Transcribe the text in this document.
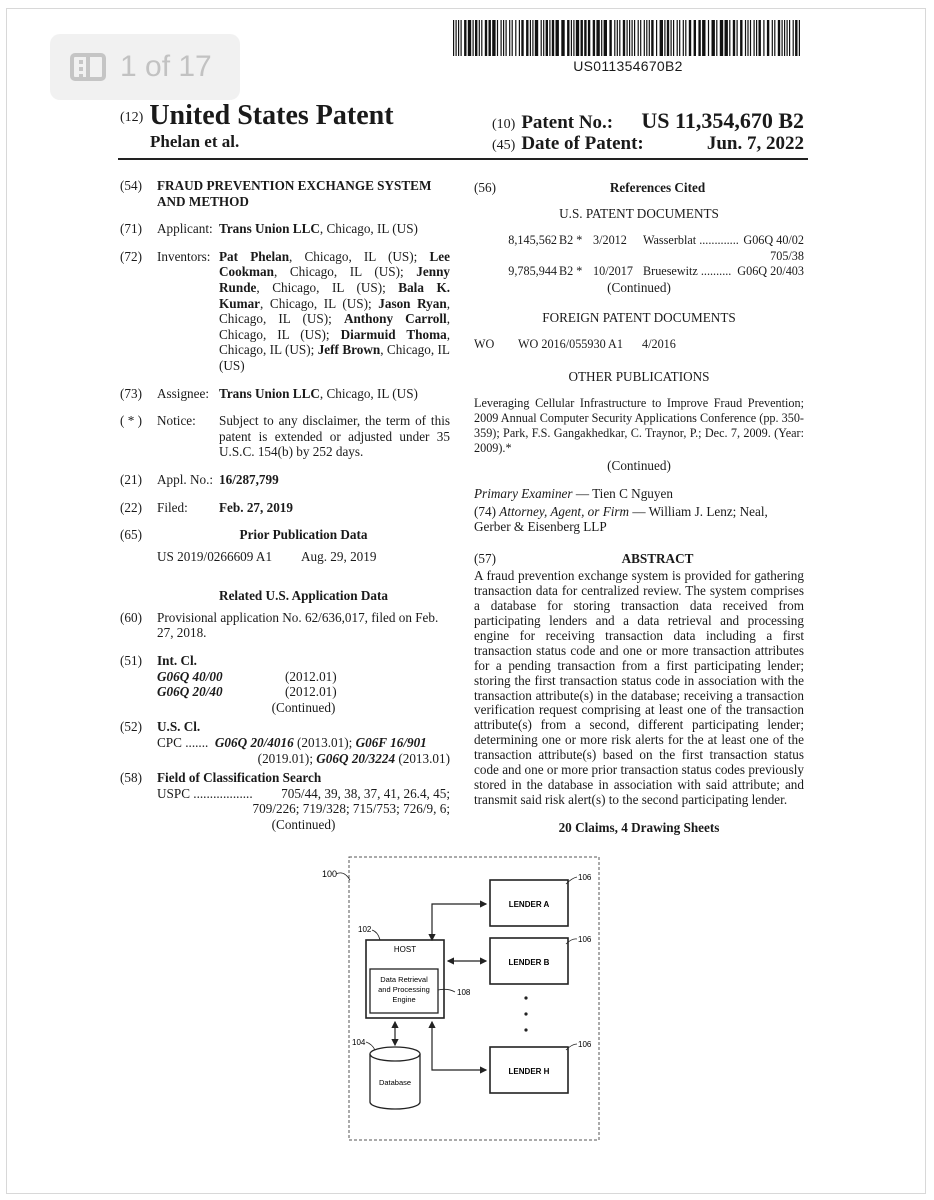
1 of 17	US011354670B2
(12) United States Patent
Phelan et al.
(10) Patent No.: US 11,354,670 B2
(45) Date of Patent:	Jun. 7, 2022
(54)	FRAUD PREVENTION EXCHANGE SYSTEM AND METHOD
(71)	Applicant: Trans Union LLC, Chicago, IL (US)
(72)	Inventors: Pat Phelan, Chicago, IL (US); Lee Cookman, Chicago, IL (US); Jenny Runde, Chicago, IL (US); Bala K. Kumar, Chicago, IL (US); Jason Ryan, Chicago, IL (US); Anthony Carroll, Chicago, IL (US); Diarmuid Thoma, Chicago, IL (US); Jeff Brown, Chicago, IL (US)
(73)	Assignee: Trans Union LLC, Chicago, IL (US)
( * )	Notice:	Subject to any disclaimer, the term of this patent is extended or adjusted under 35 U.S.C. 154(b) by 252 days.
(21)	Appl. No.: 16/287,799
(22)	Filed:	Feb. 27, 2019
(65)	Prior Publication Data
US 2019/0266609 A1	Aug. 29, 2019
Related U.S. Application Data
(60)	Provisional application No. 62/636,017, filed on Feb. 27, 2018.
(51)	Int. Cl.
G06Q 40/00	(2012.01)
G06Q 20/40	(2012.01)
(Continued)
(52)	U.S. Cl.
CPC ....... G06Q 20/4016 (2013.01); G06F 16/901
(2019.01); G06Q 20/3224 (2013.01)
(58)	Field of Classification Search
USPC .................. 705/44, 39, 38, 37, 41, 26.4, 45;
709/226; 719/328; 715/753; 726/9, 6;
(Continued)
(56)	References Cited
U.S. PATENT DOCUMENTS
8,145,562 B2 * 3/2012	Wasserblat ............. G06Q 40/02
705/38
9,785,944 B2 * 10/2017 Bruesewitz .......... G06Q 20/403
(Continued)
FOREIGN PATENT DOCUMENTS
WO	WO 2016/055930 A1	4/2016
OTHER PUBLICATIONS
Leveraging Cellular Infrastructure to Improve Fraud Prevention; 2009 Annual Computer Security Applications Conference (pp. 350-359); Park, F.S. Gangakhedkar, C. Traynor, P.; Dec. 7, 2009. (Year: 2009).*
(Continued)
Primary Examiner — Tien C Nguyen
(74) Attorney, Agent, or Firm — William J. Lenz; Neal, Gerber & Eisenberg LLP
(57)	ABSTRACT
A fraud prevention exchange system is provided for gathering transaction data for centralized review. The system comprises a database for storing transaction data received from participating lenders and a data retrieval and processing engine for receiving transaction data including a first transaction status code and one or more transaction attributes for a pending transaction from a first participating lender; storing the first transaction status code in association with the transaction attribute(s) in the database; receiving a transaction verification request comprising at least one of the transaction attribute(s) from a second, different participating lender; determining one or more risk alerts for the at least one of the transaction attribute(s) based on the first transaction status code and one or more prior transaction status codes previously stored in the database in association with said attribute; and transmit said risk alert(s) to the second participating lender.
20 Claims, 4 Drawing Sheets
100
HOST
102
Data Retrieval
and Processing
Engine
108
Database
104
LENDER A
LENDER B
LENDER H
106
106
106
